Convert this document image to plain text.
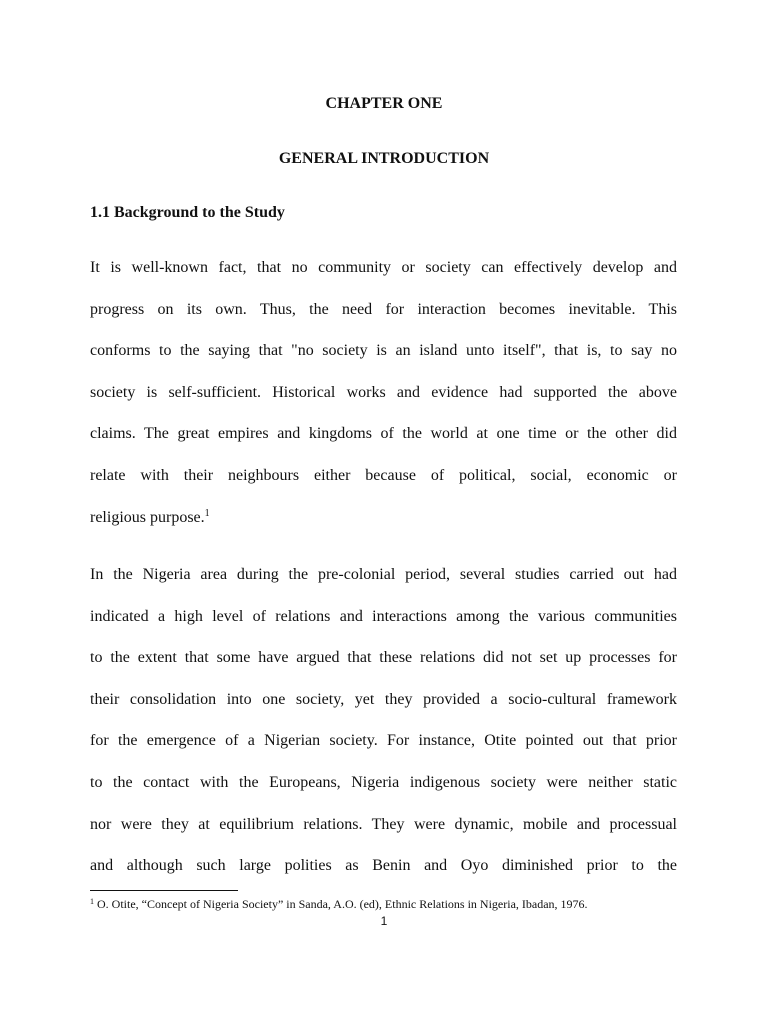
CHAPTER ONE
GENERAL INTRODUCTION
1.1 Background to the Study
It is well-known fact, that no community or society can effectively develop and
progress on its own. Thus, the need for interaction becomes inevitable. This
conforms to the saying that "no society is an island unto itself", that is, to say no
society is self-sufficient. Historical works and evidence had supported the above
claims. The great empires and kingdoms of the world at one time or the other did
relate with their neighbours either because of political, social, economic or
religious purpose.$^1$
In the Nigeria area during the pre-colonial period, several studies carried out had
indicated a high level of relations and interactions among the various communities
to the extent that some have argued that these relations did not set up processes for
their consolidation into one society, yet they provided a socio-cultural framework
for the emergence of a Nigerian society. For instance, Otite pointed out that prior
to the contact with the Europeans, Nigeria indigenous society were neither static
nor were they at equilibrium relations. They were dynamic, mobile and processual
and although such large polities as Benin and Oyo diminished prior to the
$^1$ O. Otite, “Concept of Nigeria Society” in Sanda, A.O. (ed), Ethnic Relations in Nigeria, Ibadan, 1976.
1
